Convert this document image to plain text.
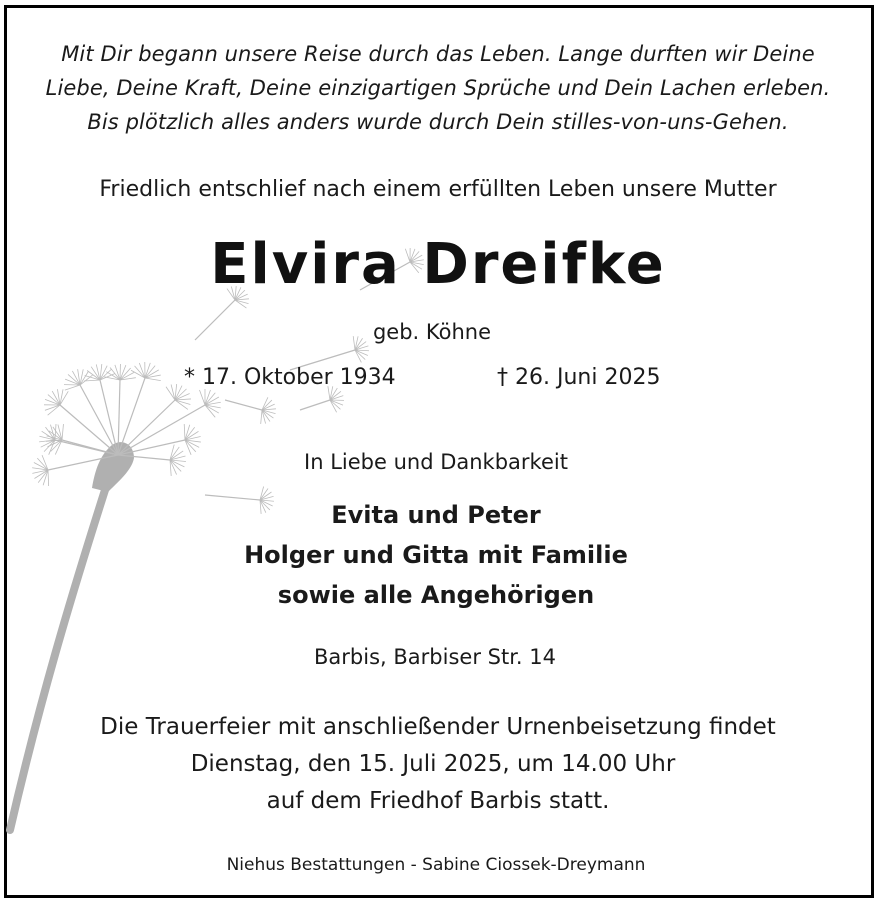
Mit Dir begann unsere Reise durch das Leben. Lange durften wir Deine
Liebe, Deine Kraft, Deine einzigartigen Sprüche und Dein Lachen erleben.
Bis plötzlich alles anders wurde durch Dein stilles-von-uns-Gehen.
Friedlich entschlief nach einem erfüllten Leben unsere Mutter
Elvira Dreifke
geb. Köhne
* 17. Oktober 1934	† 26. Juni 2025
In Liebe und Dankbarkeit
Evita und Peter
Holger und Gitta mit Familie
sowie alle Angehörigen
Barbis, Barbiser Str. 14
Die Trauerfeier mit anschließender Urnenbeisetzung findet
Dienstag, den 15. Juli 2025, um 14.00 Uhr
auf dem Friedhof Barbis statt.
Niehus Bestattungen - Sabine Ciossek-Dreymann
